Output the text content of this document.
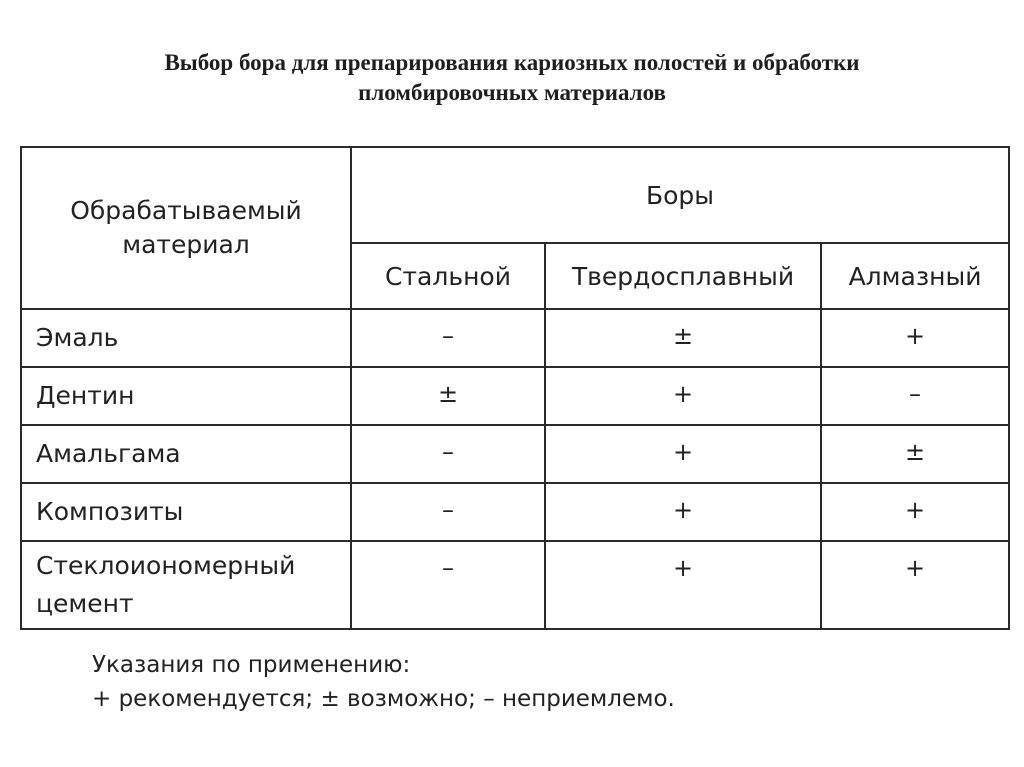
Выбор бора для препарирования кариозных полостей и обработки
пломбировочных материалов
Обрабатываемый материал	Боры		
	Стальной	Твердосплавный	Алмазный
Эмаль	–	±	+
Дентин	±	+	–
Амальгама	–	+	±
Композиты	–	+	+
Стеклоиономерный цемент	–	+	+
Указания по применению:
+ рекомендуется; ± возможно; – неприемлемо.
